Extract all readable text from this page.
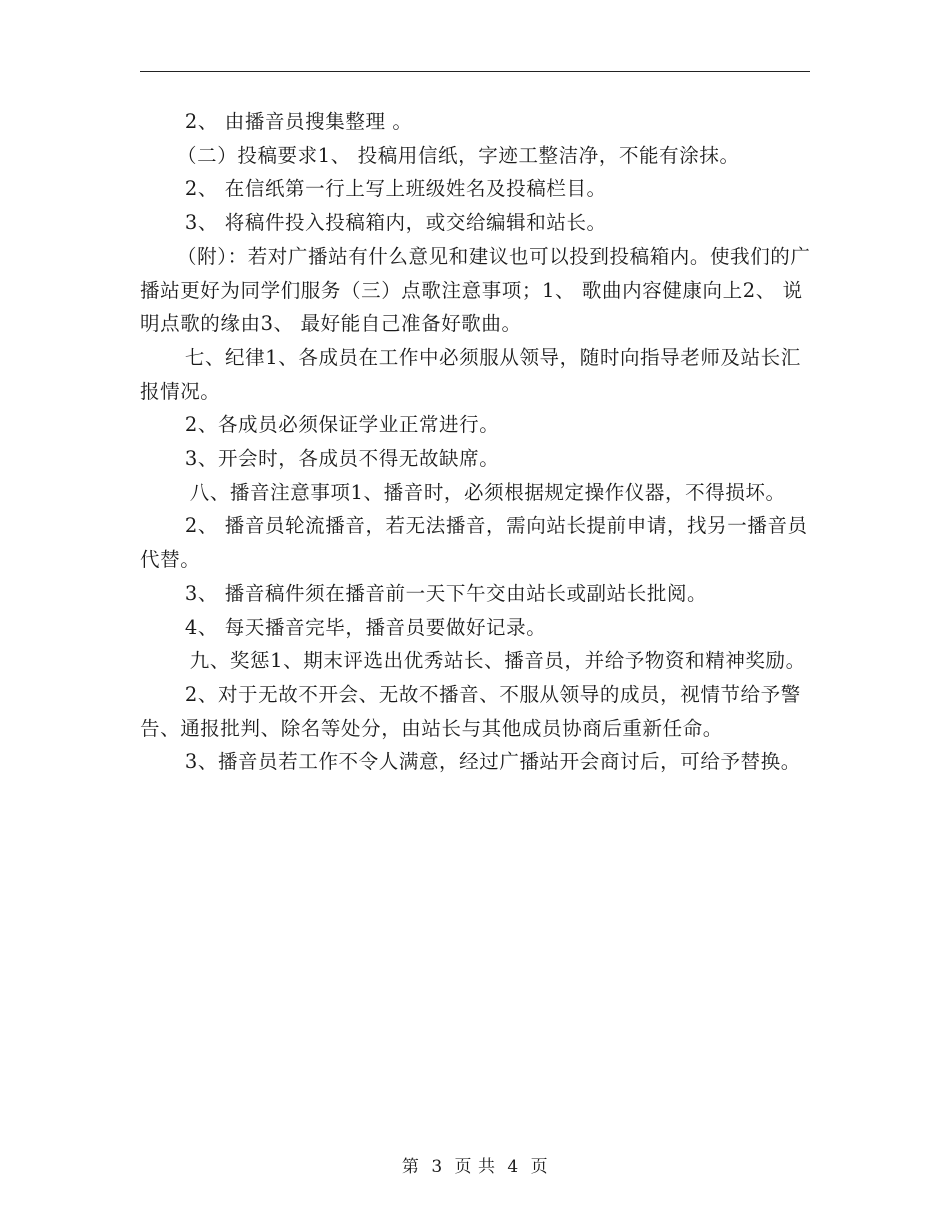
2、 由播音员搜集整理 。

（二）投稿要求1、 投稿用信纸，字迹工整洁净，不能有涂抹。

2、 在信纸第一行上写上班级姓名及投稿栏目。

3、 将稿件投入投稿箱内，或交给编辑和站长。

（附）：若对广播站有什么意见和建议也可以投到投稿箱内。使我们的广播站更好为同学们服务（三）点歌注意事项；1、 歌曲内容健康向上2、 说明点歌的缘由3、 最好能自己准备好歌曲。

七、纪律1、各成员在工作中必须服从领导，随时向指导老师及站长汇报情况。

2、各成员必须保证学业正常进行。

3、开会时，各成员不得无故缺席。

八、播音注意事项1、播音时，必须根据规定操作仪器，不得损坏。

2、 播音员轮流播音，若无法播音，需向站长提前申请，找另一播音员代替。

3、 播音稿件须在播音前一天下午交由站长或副站长批阅。

4、 每天播音完毕，播音员要做好记录。

九、奖惩1、期末评选出优秀站长、播音员，并给予物资和精神奖励。

2、对于无故不开会、无故不播音、不服从领导的成员，视情节给予警告、通报批判、除名等处分，由站长与其他成员协商后重新任命。

3、播音员若工作不令人满意，经过广播站开会商讨后，可给予替换。

第 3 页 共 4 页
